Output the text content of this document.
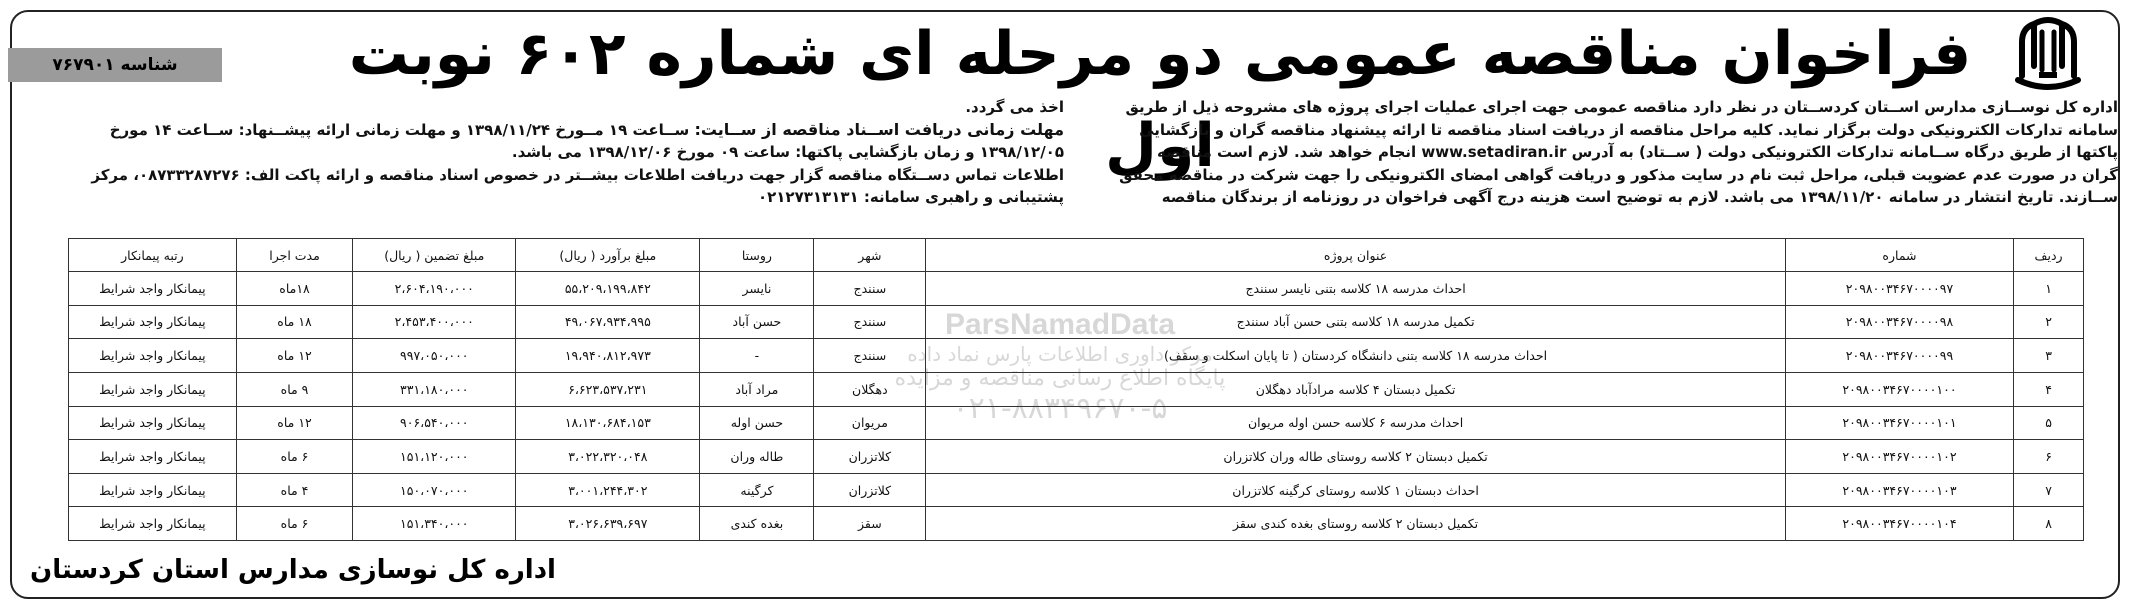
فراخوان مناقصه عمومی دو مرحله ای شماره ۶۰۲ نوبت اول
شناسه ۷۶۷۹۰۱
ParsNamadData
مرکز داوری اطلاعات پارس نماد داده
پایگاه اطلاع رسانی مناقصه و مزایده
۰۲۱-۸۸۳۴۹۶۷۰-۵

اداره کل نوســازی مدارس اســتان کردســتان در نظر دارد مناقصه عمومی جهت اجرای عملیات اجرای پروژه های مشروحه ذیل از طریق

سامانه تدارکات الکترونیکی دولت برگزار نماید. کلیه مراحل مناقصه از دریافت اسناد مناقصه تا ارائه پیشنهاد مناقصه گران و بازگشایی

پاکتها از طریق درگاه ســامانه تدارکات الکترونیکی دولت ( ســتاد) به آدرس www.setadiran.ir انجام خواهد شد. لازم است مناقصه

گران در صورت عدم عضویت قبلی، مراحل ثبت نام در سایت مذکور و دریافت گواهی امضای الکترونیکی را جهت شرکت در مناقصه محقق

ســازند. تاریخ انتشار در سامانه ۱۳۹۸/۱۱/۲۰ می باشد. لازم به توضیح است هزینه درج آگهی فراخوان در روزنامه از برندگان مناقصه

اخذ می گردد.

مهلت زمانی دریافت اســناد مناقصه از ســایت: ســاعت ۱۹ مــورخ ۱۳۹۸/۱۱/۲۴ و مهلت زمانی ارائه پیشــنهاد: ســاعت ۱۴ مورخ

۱۳۹۸/۱۲/۰۵ و زمان بازگشایی پاکتها: ساعت ۰۹ مورخ ۱۳۹۸/۱۲/۰۶ می باشد.

اطلاعات تماس دســتگاه مناقصه گزار جهت دریافت اطلاعات بیشــتر در خصوص اسناد مناقصه و ارائه پاکت الف: ۰۸۷۳۳۲۸۷۲۷۶، مرکز

پشتیبانی و راهبری سامانه: ۰۲۱۲۷۳۱۳۱۳۱

ردیف	شماره	عنوان پروژه	شهر	روستا	مبلغ برآورد ( ریال)	مبلغ تضمین ( ریال)	مدت اجرا	رتبه پیمانکار
۱	۲۰۹۸۰۰۳۴۶۷۰۰۰۰۹۷	احداث مدرسه ۱۸ کلاسه بتنی نایسر سنندج	سنندج	نایسر	۵۵،۲۰۹،۱۹۹،۸۴۲	۲،۶۰۴،۱۹۰،۰۰۰	۱۸ماه	پیمانکار واجد شرایط
۲	۲۰۹۸۰۰۳۴۶۷۰۰۰۰۹۸	تکمیل مدرسه ۱۸ کلاسه بتنی حسن آباد سنندج	سنندج	حسن آباد	۴۹،۰۶۷،۹۳۴،۹۹۵	۲،۴۵۳،۴۰۰،۰۰۰	۱۸ ماه	پیمانکار واجد شرایط
۳	۲۰۹۸۰۰۳۴۶۷۰۰۰۰۹۹	احداث مدرسه ۱۸ کلاسه بتنی دانشگاه کردستان ( تا پایان اسکلت و سقف)	سنندج	-	۱۹،۹۴۰،۸۱۲،۹۷۳	۹۹۷،۰۵۰،۰۰۰	۱۲ ماه	پیمانکار واجد شرایط
۴	۲۰۹۸۰۰۳۴۶۷۰۰۰۰۱۰۰	تکمیل دبستان ۴ کلاسه مرادآباد دهگلان	دهگلان	مراد آباد	۶،۶۲۳،۵۳۷،۲۳۱	۳۳۱،۱۸۰،۰۰۰	۹ ماه	پیمانکار واجد شرایط
۵	۲۰۹۸۰۰۳۴۶۷۰۰۰۰۱۰۱	احداث مدرسه ۶ کلاسه حسن اوله مریوان	مریوان	حسن اوله	۱۸،۱۳۰،۶۸۴،۱۵۳	۹۰۶،۵۴۰،۰۰۰	۱۲ ماه	پیمانکار واجد شرایط
۶	۲۰۹۸۰۰۳۴۶۷۰۰۰۰۱۰۲	تکمیل دبستان ۲ کلاسه روستای طاله وران کلاتزران	کلاتزران	طاله وران	۳،۰۲۲،۳۲۰،۰۴۸	۱۵۱،۱۲۰،۰۰۰	۶ ماه	پیمانکار واجد شرایط
۷	۲۰۹۸۰۰۳۴۶۷۰۰۰۰۱۰۳	احداث دبستان ۱ کلاسه روستای کرگینه کلاتزران	کلاتزران	کرگینه	۳،۰۰۱،۲۴۴،۳۰۲	۱۵۰،۰۷۰،۰۰۰	۴ ماه	پیمانکار واجد شرایط
۸	۲۰۹۸۰۰۳۴۶۷۰۰۰۰۱۰۴	تکمیل دبستان ۲ کلاسه روستای بغده کندی سقز	سقز	بغده کندی	۳،۰۲۶،۶۳۹،۶۹۷	۱۵۱،۳۴۰،۰۰۰	۶ ماه	پیمانکار واجد شرایط
اداره کل نوسازی مدارس استان کردستان
